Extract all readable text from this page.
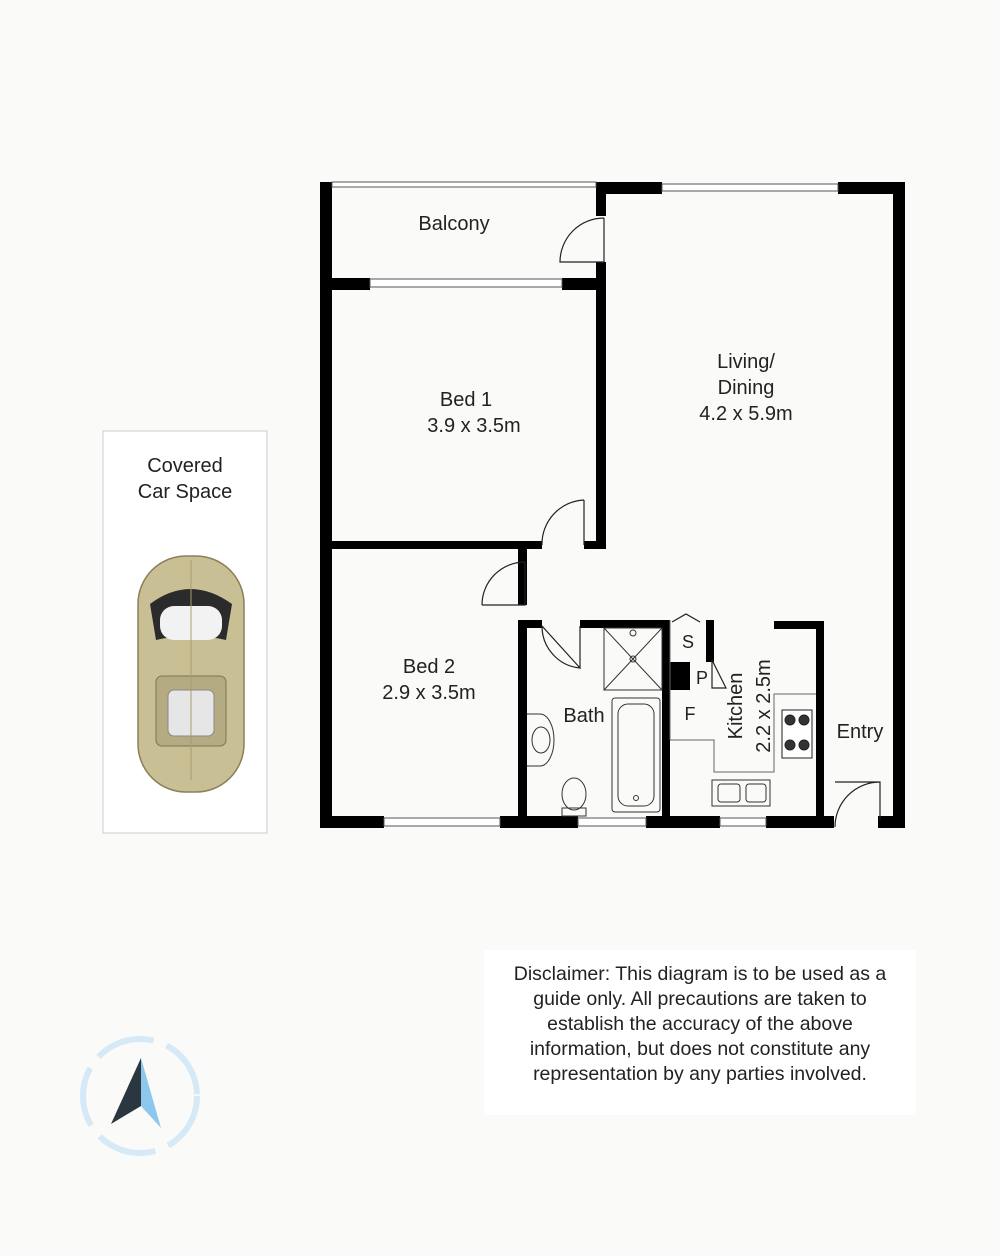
Balcony
Bed 1
3.9 x 3.5m
Living/
Dining
4.2 x 5.9m
Bed 2
2.9 x 3.5m
Bath
S
P
F Kitchen 2.2 x 2.5m	Entry
Covered
Car Space
Disclaimer: This diagram is to be used as a guide only. All precautions are taken to establish the accuracy of the above information, but does not constitute any representation by any parties involved.
